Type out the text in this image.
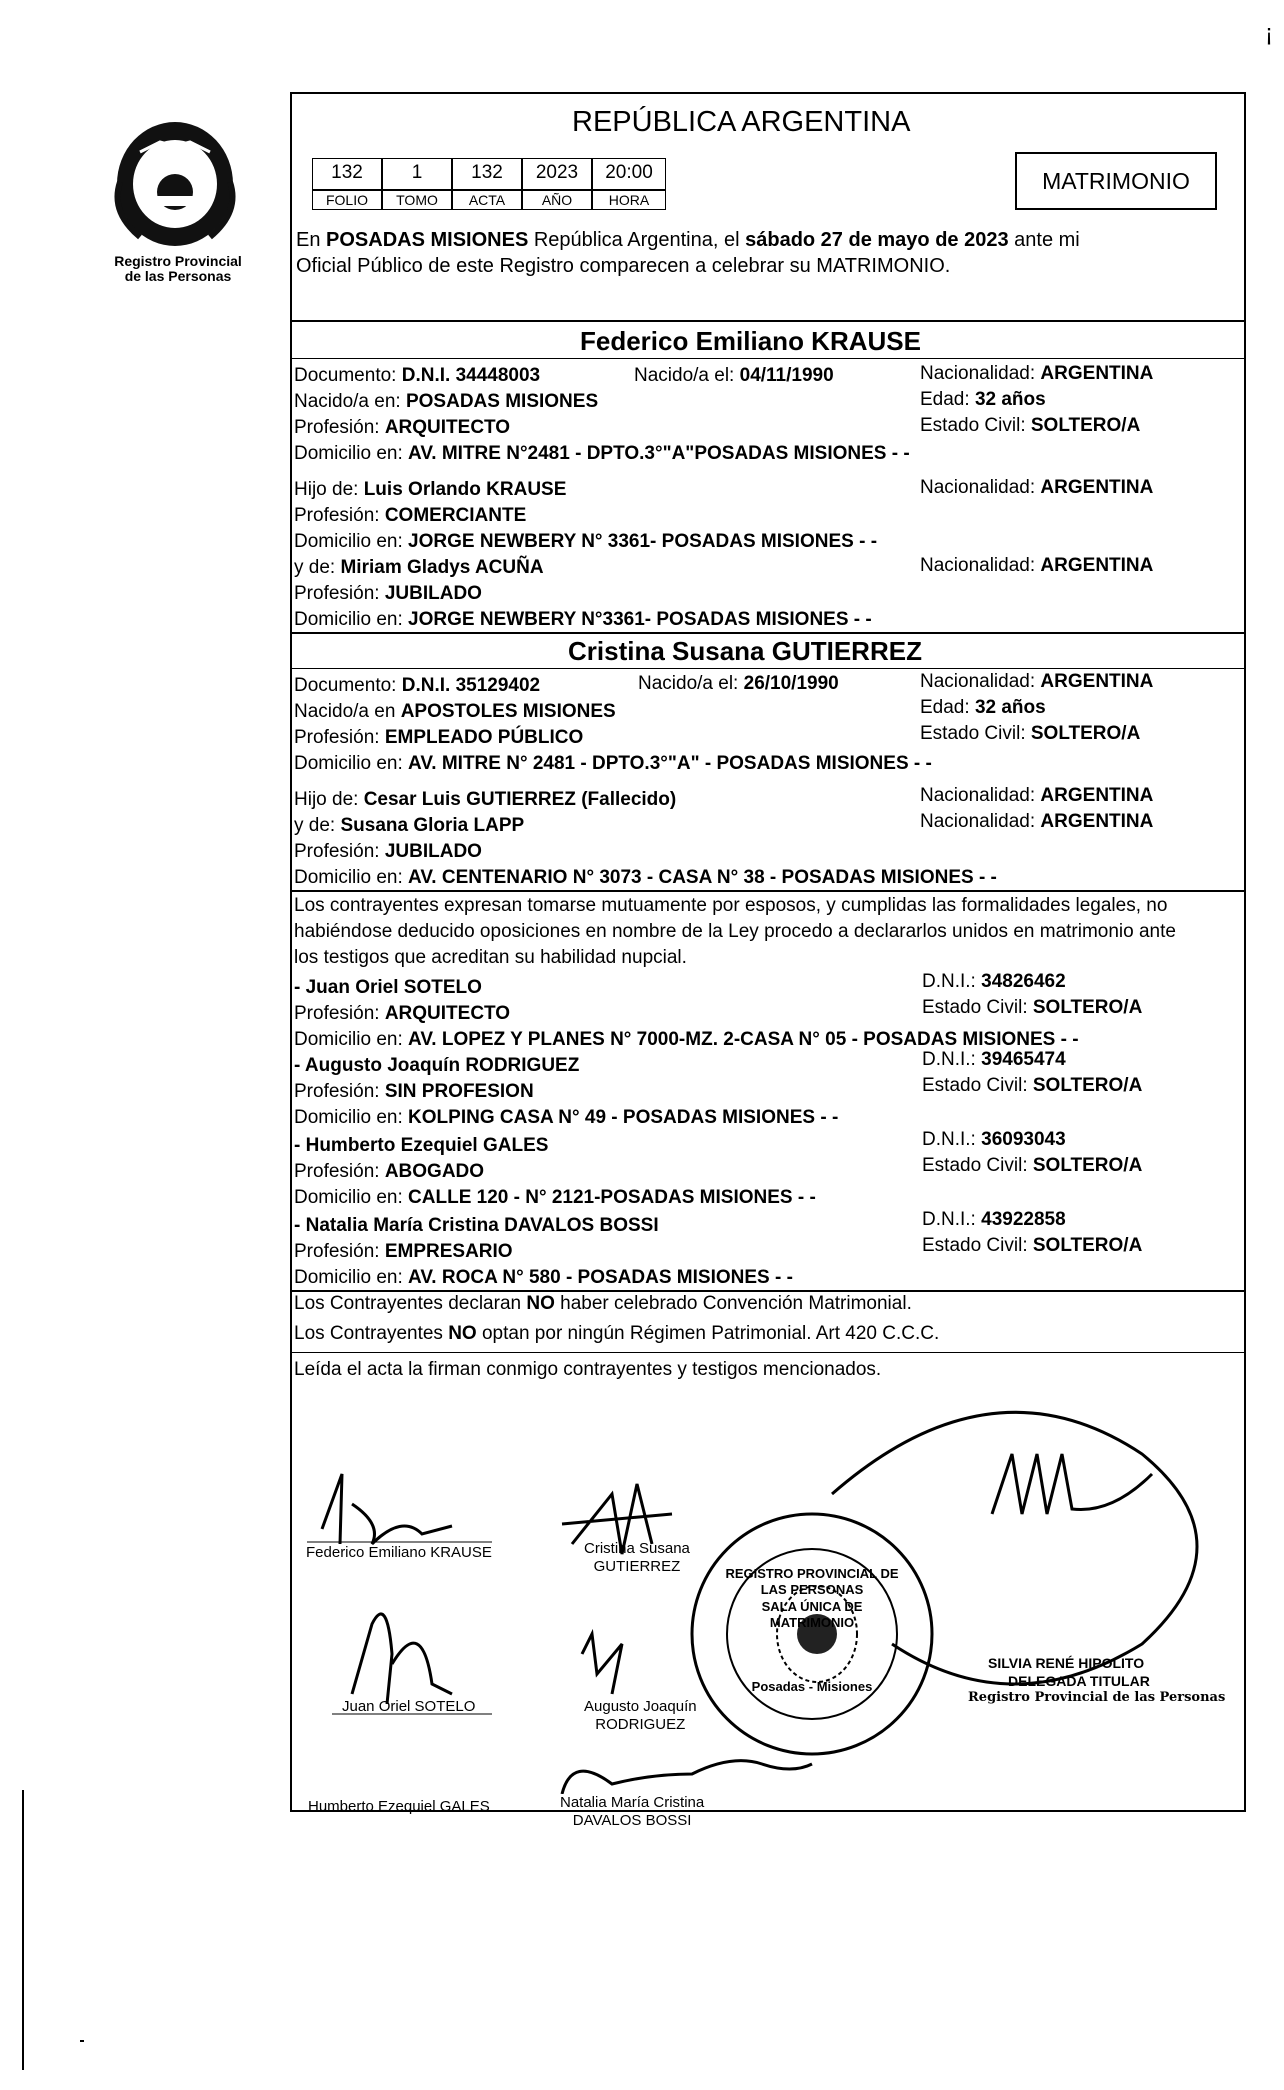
¡
Registro Provincial
de las Personas
REPÚBLICA ARGENTINA
132	1	132	2023	20:00
FOLIO	TOMO	ACTA	AÑO	HORA
MATRIMONIO
En POSADAS MISIONES República Argentina, el sábado 27 de mayo de 2023 ante mi
Oficial Público de este Registro comparecen a celebrar su MATRIMONIO.
Federico Emiliano KRAUSE
Documento: D.N.I. 34448003	Nacido/a el: 04/11/1990	Nacionalidad: ARGENTINA
Nacido/a en: POSADAS MISIONES	Edad: 32 años
Profesión: ARQUITECTO	Estado Civil: SOLTERO/A
Domicilio en: AV. MITRE N°2481 - DPTO.3°"A"POSADAS MISIONES - -
Hijo de: Luis Orlando KRAUSE	Nacionalidad: ARGENTINA
Profesión: COMERCIANTE
Domicilio en: JORGE NEWBERY N° 3361- POSADAS MISIONES - -
y de: Miriam Gladys ACUÑA	Nacionalidad: ARGENTINA
Profesión: JUBILADO
Domicilio en: JORGE NEWBERY N°3361- POSADAS MISIONES - -
Cristina Susana GUTIERREZ
Documento: D.N.I. 35129402	Nacido/a el: 26/10/1990	Nacionalidad: ARGENTINA
Nacido/a en APOSTOLES MISIONES	Edad: 32 años
Profesión: EMPLEADO PÚBLICO	Estado Civil: SOLTERO/A
Domicilio en: AV. MITRE N° 2481 - DPTO.3°"A" - POSADAS MISIONES - -
Hijo de: Cesar Luis GUTIERREZ (Fallecido)	Nacionalidad: ARGENTINA
y de: Susana Gloria LAPP	Nacionalidad: ARGENTINA
Profesión: JUBILADO
Domicilio en: AV. CENTENARIO N° 3073 - CASA N° 38 - POSADAS MISIONES - -
Los contrayentes expresan tomarse mutuamente por esposos, y cumplidas las formalidades legales, no
habiéndose deducido oposiciones en nombre de la Ley procedo a declararlos unidos en matrimonio ante
los testigos que acreditan su habilidad nupcial.
- Juan Oriel SOTELO	D.N.I.: 34826462
Profesión: ARQUITECTO	Estado Civil: SOLTERO/A
Domicilio en: AV. LOPEZ Y PLANES N° 7000-MZ. 2-CASA N° 05 - POSADAS MISIONES - -
- Augusto Joaquín RODRIGUEZ	D.N.I.: 39465474
Profesión: SIN PROFESION	Estado Civil: SOLTERO/A
Domicilio en: KOLPING CASA N° 49 - POSADAS MISIONES - -
- Humberto Ezequiel GALES	D.N.I.: 36093043
Profesión: ABOGADO	Estado Civil: SOLTERO/A
Domicilio en: CALLE 120 - N° 2121-POSADAS MISIONES - -
- Natalia María Cristina DAVALOS BOSSI	D.N.I.: 43922858
Profesión: EMPRESARIO	Estado Civil: SOLTERO/A
Domicilio en: AV. ROCA N° 580 - POSADAS MISIONES - -
Los Contrayentes declaran NO haber celebrado Convención Matrimonial.
Los Contrayentes NO optan por ningún Régimen Patrimonial. Art 420 C.C.C.
Leída el acta la firman conmigo contrayentes y testigos mencionados.
Federico Emiliano KRAUSE	Cristina Susana
GUTIERREZ
Juan Oriel SOTELO	Augusto Joaquín
RODRIGUEZ
Humberto Ezequiel GALES	Natalia María Cristina
DAVALOS BOSSI
REGISTRO PROVINCIAL DE LAS PERSONAS
SALA ÚNICA DE MATRIMONIO
Posadas - Misiones
SILVIA RENÉ HIPOLITO
DELEGADA TITULAR
Registro Provincial de las Personas
